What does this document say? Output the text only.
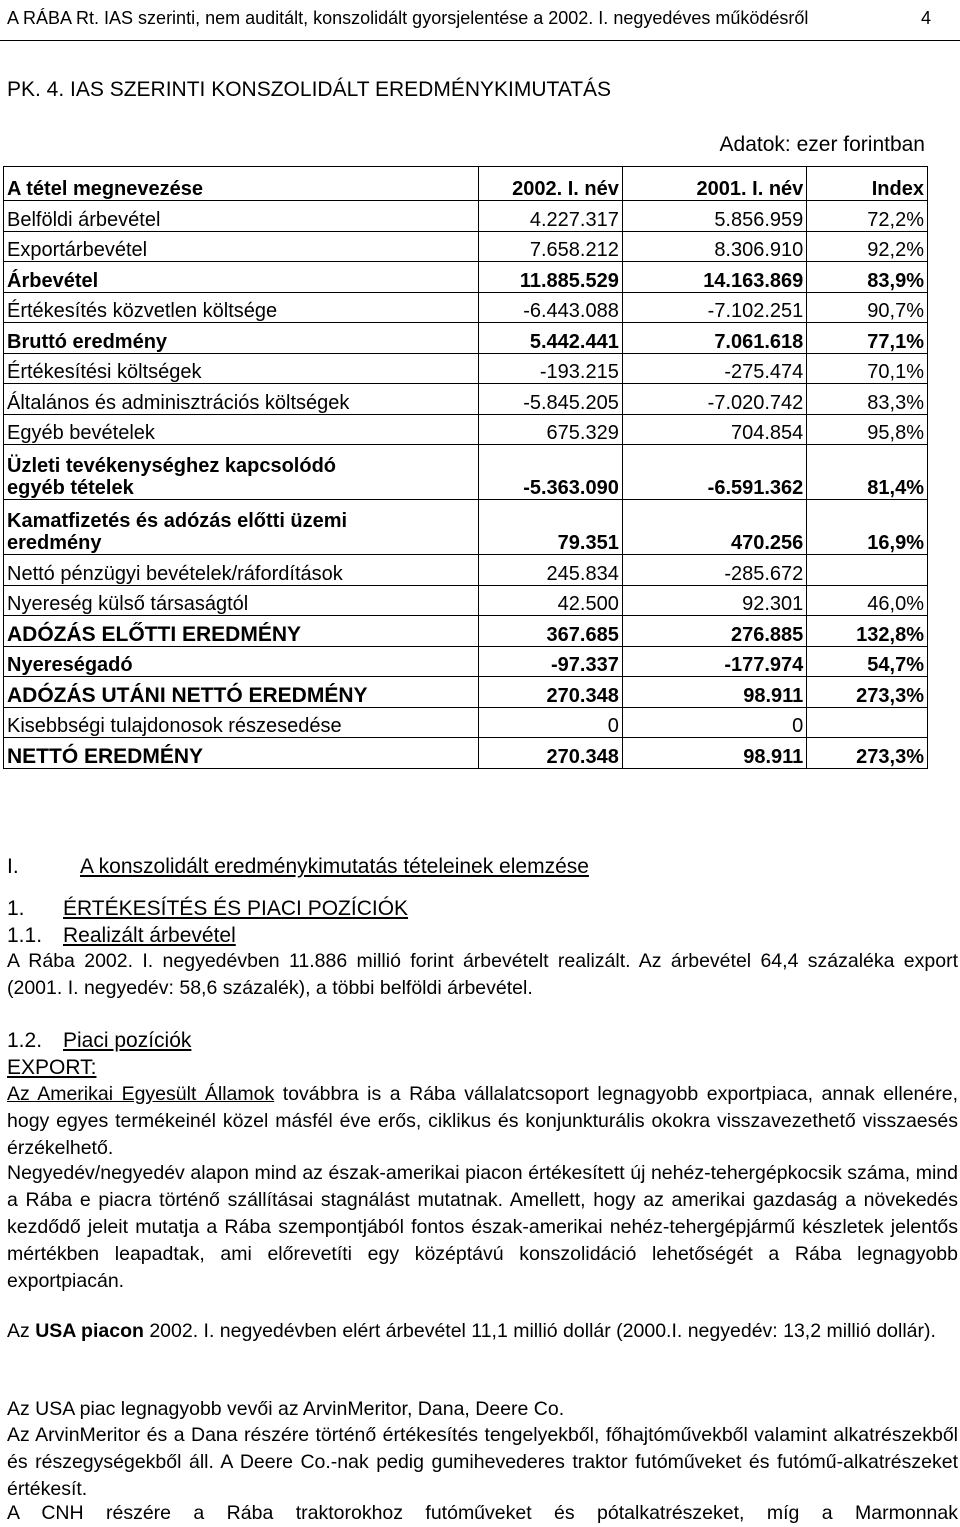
A RÁBA Rt. IAS szerinti, nem auditált, konszolidált gyorsjelentése a 2002. I. negyedéves működésről	4
PK. 4. IAS SZERINTI KONSZOLIDÁLT EREDMÉNYKIMUTATÁS
Adatok: ezer forintban
A tétel megnevezése	2002. I. név	2001. I. név	Index
Belföldi árbevétel	4.227.317	5.856.959	72,2%
Exportárbevétel	7.658.212	8.306.910	92,2%
Árbevétel	11.885.529	14.163.869	83,9%
Értékesítés közvetlen költsége	-6.443.088	-7.102.251	90,7%
Bruttó eredmény	5.442.441	7.061.618	77,1%
Értékesítési költségek	-193.215	-275.474	70,1%
Általános és adminisztrációs költségek	-5.845.205	-7.020.742	83,3%
Egyéb bevételek	675.329	704.854	95,8%
Üzleti tevékenységhez kapcsolódó
egyéb tételek	-5.363.090	-6.591.362	81,4%
Kamatfizetés és adózás előtti üzemi
eredmény	79.351	470.256	16,9%
Nettó pénzügyi bevételek/ráfordítások	245.834	-285.672	
Nyereség külső társaságtól	42.500	92.301	46,0%
ADÓZÁS ELŐTTI EREDMÉNY	367.685	276.885	132,8%
Nyereségadó	-97.337	-177.974	54,7%
ADÓZÁS UTÁNI NETTÓ EREDMÉNY	270.348	98.911	273,3%
Kisebbségi tulajdonosok részesedése	0	0	
NETTÓ EREDMÉNY	270.348	98.911	273,3%
I.	A konszolidált eredménykimutatás tételeinek elemzése
1. ÉRTÉKESÍTÉS ÉS PIACI POZÍCIÓK
1.1. Realizált árbevétel

A Rába 2002. I. negyedévben 11.886 millió forint árbevételt realizált. Az árbevétel 64,4 százaléka export (2001. I. negyedév: 58,6 százalék), a többi belföldi árbevétel.

1.2. Piaci pozíciók
EXPORT:

Az Amerikai Egyesült Államok továbbra is a Rába vállalatcsoport legnagyobb exportpiaca, annak ellenére, hogy egyes termékeinél közel másfél éve erős, ciklikus és konjunkturális okokra visszavezethető visszaesés érzékelhető.

Negyedév/negyedév alapon mind az észak-amerikai piacon értékesített új nehéz-tehergépkocsik száma, mind a Rába e piacra történő szállításai stagnálást mutatnak. Amellett, hogy az amerikai gazdaság a növekedés kezdődő jeleit mutatja a Rába szempontjából fontos észak-amerikai nehéz-tehergépjármű készletek jelentős mértékben leapadtak, ami előrevetíti egy középtávú konszolidáció lehetőségét a Rába legnagyobb exportpiacán.

Az USA piacon 2002. I. negyedévben elért árbevétel 11,1 millió dollár (2000.I. negyedév: 13,2 millió dollár).

Az USA piac legnagyobb vevői az ArvinMeritor, Dana, Deere Co.

Az ArvinMeritor és a Dana részére történő értékesítés tengelyekből, főhajtóművekből valamint alkatrészekből és részegységekből áll. A Deere Co.-nak pedig gumihevederes traktor futóműveket és futómű-alkatrészeket értékesít.

A CNH részére a Rába traktorokhoz futóműveket és pótalkatrészeket, míg a Marmonnak
